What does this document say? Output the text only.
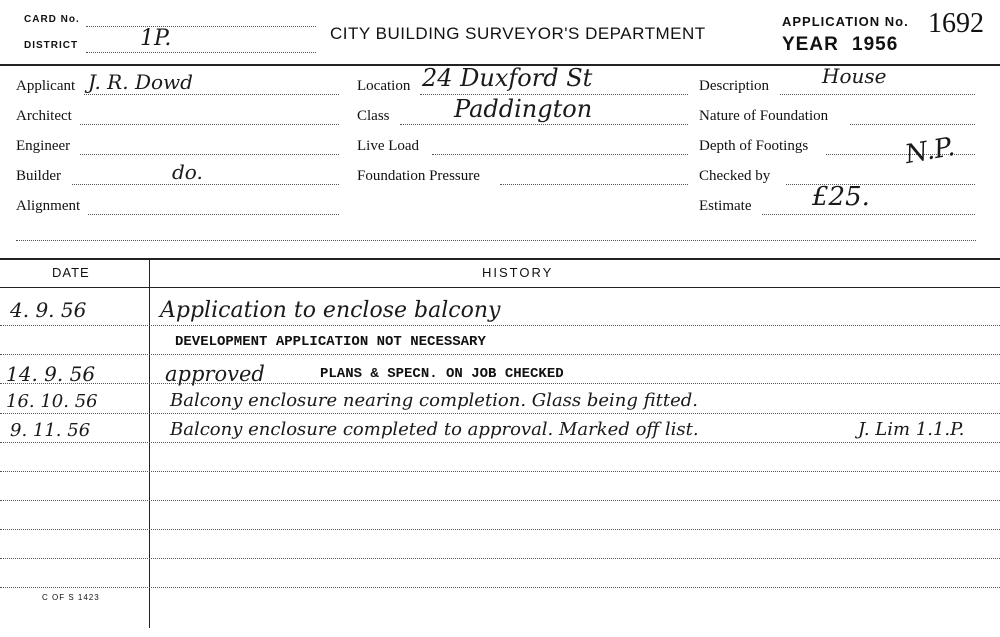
CARD No.
DISTRICT	1P.	CITY BUILDING SURVEYOR'S DEPARTMENT
APPLICATION No. 1692
YEAR 1956
Applicant J. R. Dowd
Architect
Engineer
Builder	do.
Alignment
Location 24 Duxford St
Class	Paddington
Live Load
Foundation Pressure
Description	House
Nature of Foundation
Depth of Footings	N.P.
Checked by
Estimate £25.
DATE	HISTORY
4. 9. 56	Application to enclose balcony
DEVELOPMENT APPLICATION NOT NECESSARY
14. 9. 56	approved	PLANS & SPECN. ON JOB CHECKED
16. 10. 56	Balcony enclosure nearing completion. Glass being fitted.
9. 11. 56	Balcony enclosure completed to approval. Marked off list.	J. Lim 1.1.P.
C OF S 1423
